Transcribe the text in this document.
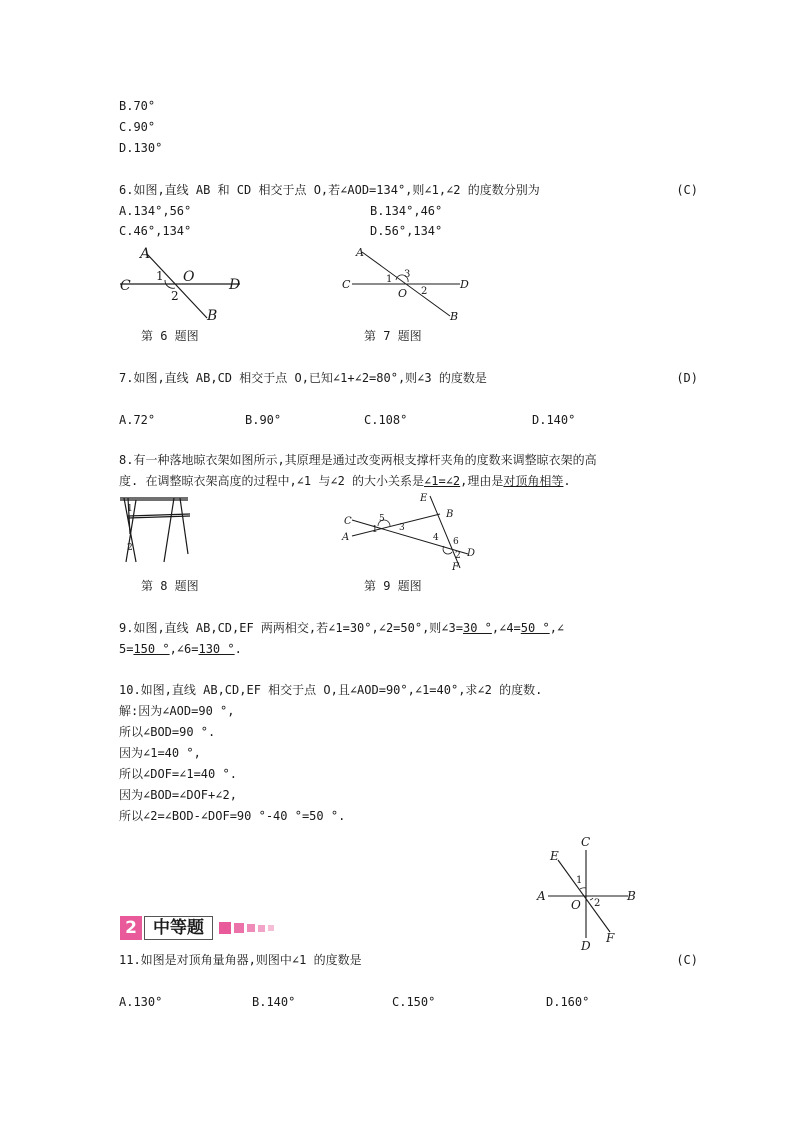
B.70°
C.90°
D.130°
6.如图,直线 AB 和 CD 相交于点 O,若∠AOD=134°,则∠1,∠2 的度数分别为	(C)
A.134°,56°	B.134°,46°
C.46°,134°	D.56°,134°
A
C
O D
B
1
2
第 6 题图
A
C
O
D
B
1
2
3
第 7 题图
7.如图,直线 AB,CD 相交于点 O,已知∠1+∠2=80°,则∠3 的度数是	(D)
A.72°	B.90°	C.108°	D.140°
8.有一种落地晾衣架如图所示,其原理是通过改变两根支撑杆夹角的度数来调整晾衣架的高
度. 在调整晾衣架高度的过程中,∠1 与∠2 的大小关系是∠1=∠2,理由是对顶角相等.
1
2
第 8 题图
C
A
E
B
D
F
1
2
3
4
5
6
第 9 题图
9.如图,直线 AB,CD,EF 两两相交,若∠1=30°,∠2=50°,则∠3=30 °,∠4=50 °,∠
5=150 °,∠6=130 °.
10.如图,直线 AB,CD,EF 相交于点 O,且∠AOD=90°,∠1=40°,求∠2 的度数.
解:因为∠AOD=90 °,
所以∠BOD=90 °.
因为∠1=40 °,
所以∠DOF=∠1=40 °.
因为∠BOD=∠DOF+∠2,
所以∠2=∠BOD-∠DOF=90 °-40 °=50 °.
C
E
A
O
B
D
F
1
2
2 中等题
11.如图是对顶角量角器,则图中∠1 的度数是	(C)
A.130°	B.140°	C.150°	D.160°
